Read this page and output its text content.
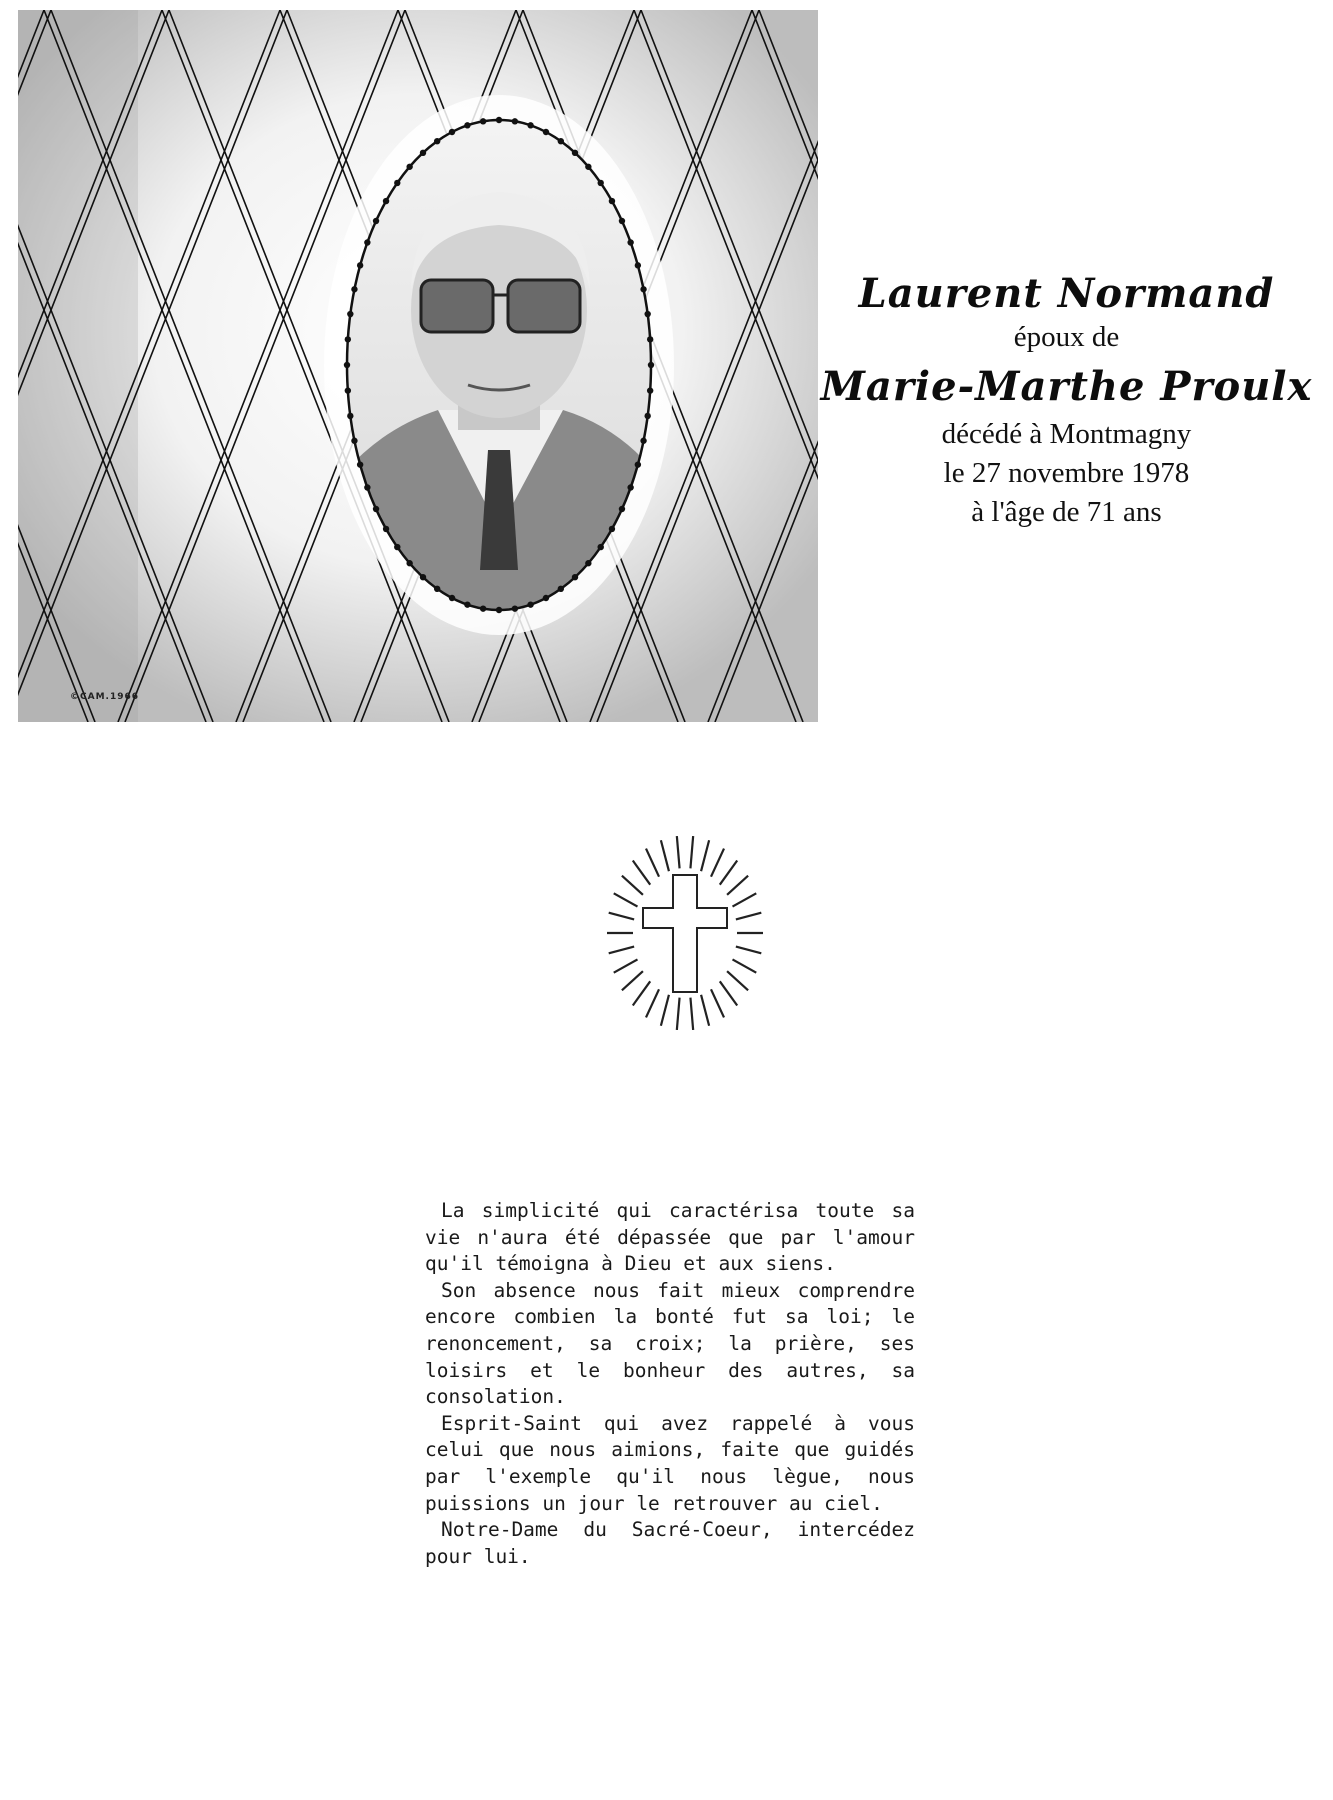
©CAM.1966
Laurent Normand
époux de
Marie-Marthe Proulx
décédé à Montmagny
le 27 novembre 1978
à l'âge de 71 ans

La simplicité qui caractérisa toute sa vie n'aura été dépassée que par l'amour qu'il témoigna à Dieu et aux siens.

Son absence nous fait mieux comprendre encore combien la bonté fut sa loi; le renoncement, sa croix; la prière, ses loisirs et le bonheur des autres, sa consolation.

Esprit-Saint qui avez rappelé à vous celui que nous aimions, faite que guidés par l'exemple qu'il nous lègue, nous puissions un jour le retrouver au ciel.

Notre-Dame du Sacré-Coeur, intercédez pour lui.
